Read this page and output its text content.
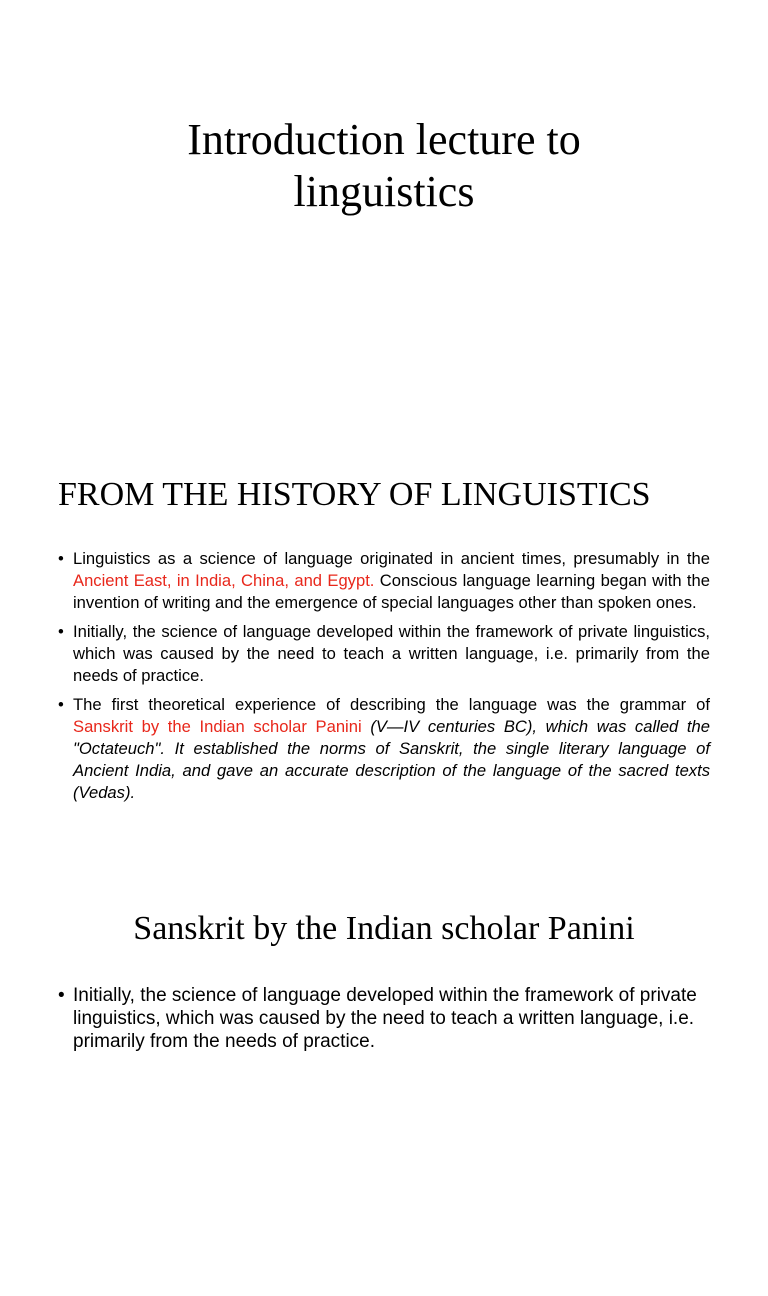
Introduction lecture to
linguistics
FROM THE HISTORY OF LINGUISTICS
• Linguistics as a science of language originated in ancient times, presumably in the Ancient East, in India, China, and Egypt. Conscious language learning began with the invention of writing and the emergence of special languages other than spoken ones.
• Initially, the science of language developed within the framework of private linguistics, which was caused by the need to teach a written language, i.e. primarily from the needs of practice.
• The first theoretical experience of describing the language was the grammar of Sanskrit by the Indian scholar Panini (V—IV centuries BC), which was called the "Octateuch". It established the norms of Sanskrit, the single literary language of Ancient India, and gave an accurate description of the language of the sacred texts (Vedas).
Sanskrit by the Indian scholar Panini
• Initially, the science of language developed within the framework of private linguistics, which was caused by the need to teach a written language, i.e. primarily from the needs of practice.
